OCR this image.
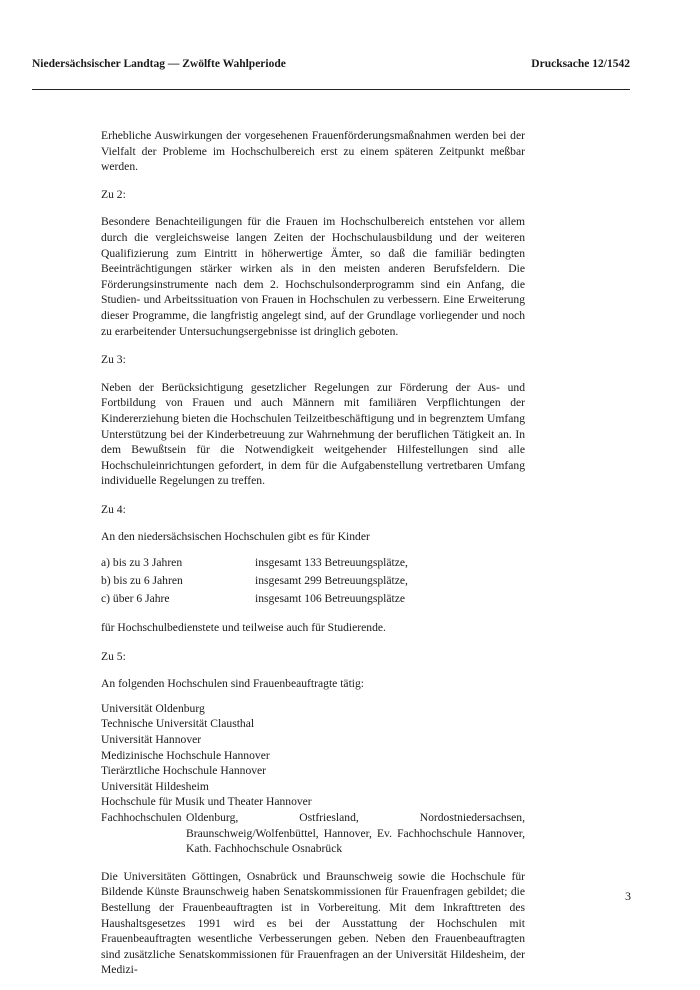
Niedersächsischer Landtag — Zwölfte Wahlperiode	Drucksache 12/1542

Erhebliche Auswirkungen der vorgesehenen Frauenförderungsmaßnahmen werden bei der Vielfalt der Probleme im Hochschulbereich erst zu einem späteren Zeitpunkt meßbar werden.

Zu 2:

Besondere Benachteiligungen für die Frauen im Hochschulbereich entstehen vor allem durch die vergleichsweise langen Zeiten der Hochschulausbildung und der weiteren Qualifizierung zum Eintritt in höherwertige Ämter, so daß die familiär bedingten Beeinträchtigungen stärker wirken als in den meisten anderen Berufsfeldern. Die Förderungsinstrumente nach dem 2. Hochschulsonderprogramm sind ein Anfang, die Studien- und Arbeitssituation von Frauen in Hochschulen zu verbessern. Eine Erweiterung dieser Programme, die langfristig angelegt sind, auf der Grundlage vorliegender und noch zu erarbeitender Untersuchungsergebnisse ist dringlich geboten.

Zu 3:

Neben der Berücksichtigung gesetzlicher Regelungen zur Förderung der Aus- und Fortbildung von Frauen und auch Männern mit familiären Verpflichtungen der Kindererziehung bieten die Hochschulen Teilzeitbeschäftigung und in begrenztem Umfang Unterstützung bei der Kinderbetreuung zur Wahrnehmung der beruflichen Tätigkeit an. In dem Bewußtsein für die Notwendigkeit weitgehender Hilfestellungen sind alle Hochschuleinrichtungen gefordert, in dem für die Aufgabenstellung vertretbaren Umfang individuelle Regelungen zu treffen.

Zu 4:

An den niedersächsischen Hochschulen gibt es für Kinder

a) bis zu 3 Jahren	insgesamt 133 Betreuungsplätze,
b) bis zu 6 Jahren	insgesamt 299 Betreuungsplätze,
c) über 6 Jahre	insgesamt 106 Betreuungsplätze

für Hochschulbedienstete und teilweise auch für Studierende.

Zu 5:

An folgenden Hochschulen sind Frauenbeauftragte tätig:

Universität Oldenburg
Technische Universität Clausthal
Universität Hannover
Medizinische Hochschule Hannover
Tierärztliche Hochschule Hannover
Universität Hildesheim
Hochschule für Musik und Theater Hannover
Fachhochschulen Oldenburg, Ostfriesland, Nordostniedersachsen, Braunschweig/Wolfenbüttel, Hannover, Ev. Fachhochschule Hannover, Kath. Fachhochschule Osnabrück

Die Universitäten Göttingen, Osnabrück und Braunschweig sowie die Hochschule für Bildende Künste Braunschweig haben Senatskommissionen für Frauenfragen gebildet; die Bestellung der Frauenbeauftragten ist in Vorbereitung. Mit dem Inkrafttreten des Haushaltsgesetzes 1991 wird es bei der Ausstattung der Hochschulen mit Frauenbeauftragten wesentliche Verbesserungen geben. Neben den Frauenbeauftragten sind zusätzliche Senatskommissionen für Frauenfragen an der Universität Hildesheim, der Medizi-

3
